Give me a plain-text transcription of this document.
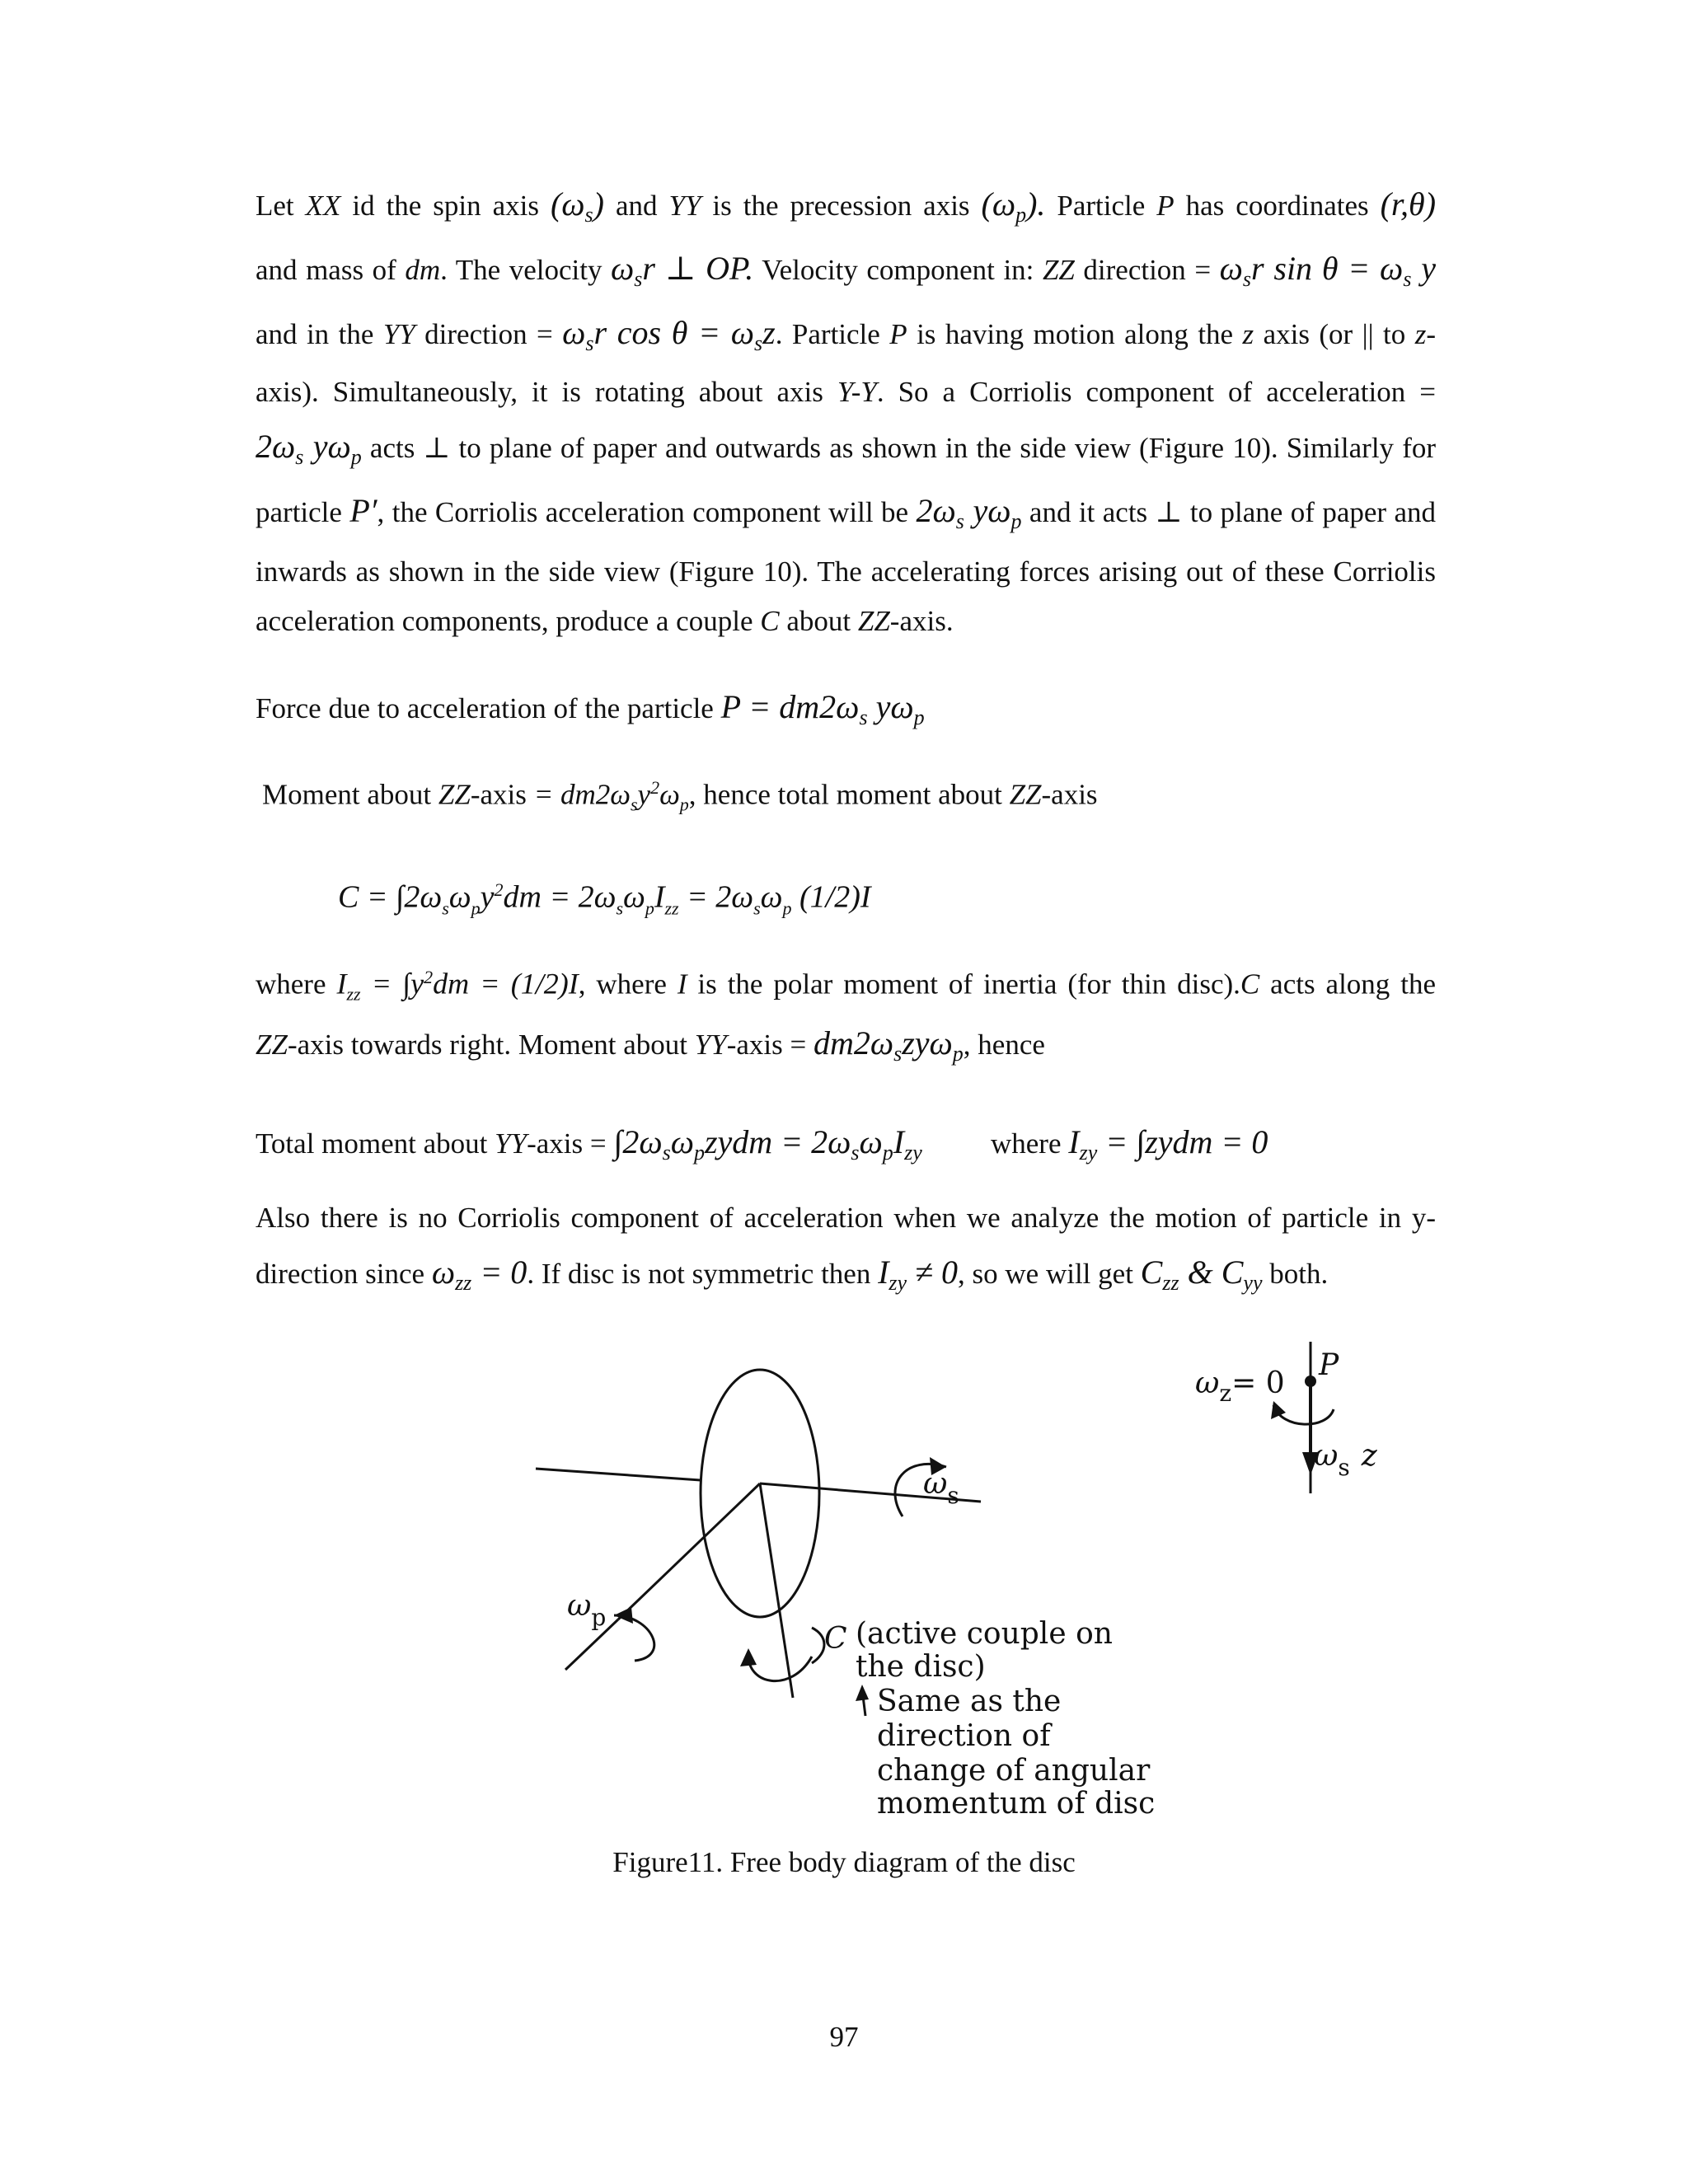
Let XX id the spin axis $(\omega_s)$ and YY is the precession axis $(\omega_p)$. Particle P has coordinates (r,θ)
and mass of dm. The velocity $\omega_sr$ ⊥ OP. Velocity component in: ZZ direction = $\omega_sr$ $\sin \theta = \omega_s$ y
and in the YY direction = $\omega_sr$ $\cos \theta = \omega_sz$. Particle P is having motion along the z axis (or || to z-
axis). Simultaneously, it is rotating about axis Y-Y. So a Corriolis component of acceleration =
$2\omega_s$ $y\omega_p$ acts ⊥ to plane of paper and outwards as shown in the side view (Figure 10). Similarly for
particle P′, the Corriolis acceleration component will be $2\omega_s$ $y\omega_p$ and it acts ⊥ to plane of paper and
inwards as shown in the side view (Figure 10). The accelerating forces arising out of these Corriolis
acceleration components, produce a couple C about ZZ-axis.
Force due to acceleration of the particle $P = dm2\omega_s$ $y\omega_p$
Moment about ZZ-axis = $dm2\omega_sy^2\omega_p$, hence total moment about ZZ-axis
$C = \int 2\omega_s\omega_py^2dm = 2\omega_s\omega_pI_{zz} = 2\omega_s\omega_p$ (1/2)I
where $I_{zz} = \int y^2dm = (1/2)I$, where I is the polar moment of inertia (for thin disc).C acts along the
ZZ-axis towards right. Moment about YY-axis = $dm2\omega_szy\omega_p$, hence
Total moment about YY-axis = $\int 2\omega_s\omega_pzydm = 2\omega_s\omega_pI_{zy}$	where $I_{zy}$ = ∫zydm = 0
Also there is no Corriolis component of acceleration when we analyze the motion of particle in y-
direction since $\omega_{zz} = 0$. If disc is not symmetric then $I_{zy} \ne 0$, so we will get $C_{zz}$ & $C_{yy}$ both.
$\omega_s$
$\omega_p$
C (active couple on
the disc)
Same as the
direction of
change of angular
momentum of disc
$\omega_z= 0$
P
$\omega_s$ z
Figure11. Free body diagram of the disc
97
